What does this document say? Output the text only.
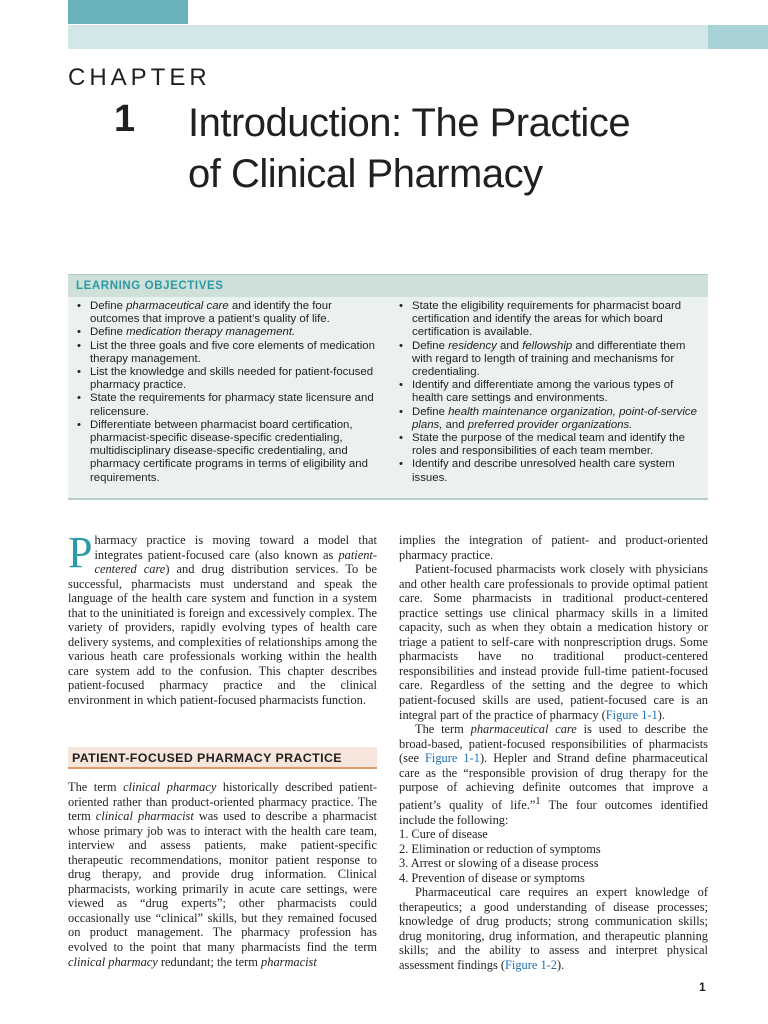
CHAPTER
1 Introduction: The Practice
of Clinical Pharmacy
LEARNING OBJECTIVES
• Define pharmaceutical care and identify the four outcomes that improve a patient’s quality of life.
• Define medication therapy management.
• List the three goals and five core elements of medication therapy management.
• List the knowledge and skills needed for patient-focused pharmacy practice.
• State the requirements for pharmacy state licensure and relicensure.
• Differentiate between pharmacist board certification, pharmacist-specific disease-specific credentialing, multidisciplinary disease-specific credentialing, and pharmacy certificate programs in terms of eligibility and requirements.
• State the eligibility requirements for pharmacist board certification and identify the areas for which board certification is available.
• Define residency and fellowship and differentiate them with regard to length of training and mechanisms for credentialing.
• Identify and differentiate among the various types of health care settings and environments.
• Define health maintenance organization, point-of-service plans, and preferred provider organizations.
• State the purpose of the medical team and identify the roles and responsibilities of each team member.
• Identify and describe unresolved health care system issues.
P harmacy practice is moving toward a model that integrates patient-focused care (also known as patient-centered care) and drug distribution services. To be successful, pharmacists must understand and speak the language of the health care system and function in a system that to the uninitiated is foreign and excessively complex. The variety of providers, rapidly evolving types of health care delivery systems, and complexities of relationships among the various heath care professionals working within the health care system add to the confusion. This chapter describes patient-focused pharmacy practice and the clinical environment in which patient-focused pharmacists function.
PATIENT-FOCUSED PHARMACY PRACTICE
The term clinical pharmacy historically described patient-oriented rather than product-oriented pharmacy practice. The term clinical pharmacist was used to describe a pharmacist whose primary job was to interact with the health care team, interview and assess patients, make patient-specific therapeutic recommendations, monitor patient response to drug therapy, and provide drug information. Clinical pharmacists, working primarily in acute care settings, were viewed as “drug experts”; other pharmacists could occasionally use “clinical” skills, but they remained focused on product management. The pharmacy profession has evolved to the point that many pharmacists find the term clinical pharmacy redundant; the term pharmacist

implies the integration of patient- and product-oriented pharmacy practice.

Patient-focused pharmacists work closely with physicians and other health care professionals to provide optimal patient care. Some pharmacists in traditional product-centered practice settings use clinical pharmacy skills in a limited capacity, such as when they obtain a medication history or triage a patient to self-care with nonprescription drugs. Some pharmacists have no traditional product-centered responsibilities and instead provide full-time patient-focused care. Regardless of the setting and the degree to which patient-focused skills are used, patient-focused care is an integral part of the practice of pharmacy (Figure 1-1).

The term pharmaceutical care is used to describe the broad-based, patient-focused responsibilities of pharmacists (see Figure 1-1). Hepler and Strand define pharmaceutical care as the “responsible provision of drug therapy for the purpose of achieving definite outcomes that improve a patient’s quality of life.”$^1$ The four outcomes identified include the following:

1. Cure of disease
2. Elimination or reduction of symptoms
3. Arrest or slowing of a disease process
4. Prevention of disease or symptoms

Pharmaceutical care requires an expert knowledge of therapeutics; a good understanding of disease processes; knowledge of drug products; strong communication skills; drug monitoring, drug information, and therapeutic planning skills; and the ability to assess and interpret physical assessment findings (Figure 1-2).

1
